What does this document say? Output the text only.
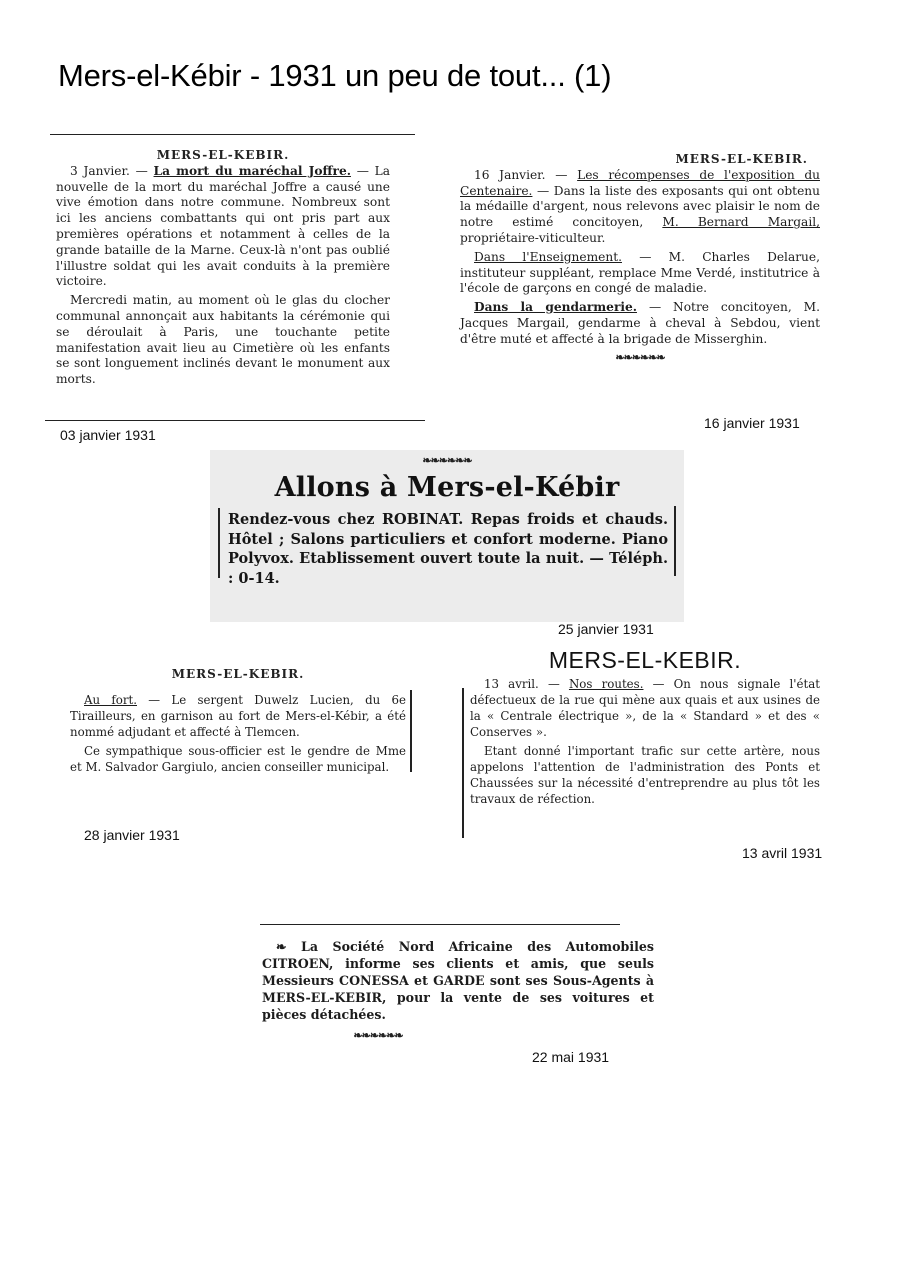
Mers-el-Kébir - 1931 un peu de tout... (1)
MERS-EL-KEBIR.

3 Janvier. — La mort du maréchal Joffre. — La nouvelle de la mort du maréchal Joffre a causé une vive émotion dans notre commune. Nombreux sont ici les anciens combattants qui ont pris part aux premières opérations et notamment à celles de la grande bataille de la Marne. Ceux-là n'ont pas oublié l'illustre soldat qui les avait conduits à la première victoire.

Mercredi matin, au moment où le glas du clocher communal annonçait aux habitants la cérémonie qui se déroulait à Paris, une touchante petite manifestation avait lieu au Cimetière où les enfants se sont longuement inclinés devant le monument aux morts.

03 janvier 1931
MERS-EL-KEBIR.

16 Janvier. — Les récompenses de l'exposition du Centenaire. — Dans la liste des exposants qui ont obtenu la médaille d'argent, nous relevons avec plaisir le nom de notre estimé concitoyen, M. Bernard Margail, propriétaire-viticulteur.

Dans l'Enseignement. — M. Charles Delarue, instituteur suppléant, remplace Mme Verdé, institutrice à l'école de garçons en congé de maladie.

Dans la gendarmerie. — Notre concitoyen, M. Jacques Margail, gendarme à cheval à Sebdou, vient d'être muté et affecté à la brigade de Misserghin.

❧❧❧❧❧❧
16 janvier 1931
❧❧❧❧❧❧
Allons à Mers-el-Kébir
Rendez-vous chez ROBINAT. Repas froids et chauds. Hôtel ; Salons particuliers et confort moderne. Piano Polyvox. Etablissement ouvert toute la nuit. — Téléph. : 0-14.
25 janvier 1931
MERS-EL-KEBIR.

Au fort. — Le sergent Duwelz Lucien, du 6e Tirailleurs, en garnison au fort de Mers-el-Kébir, a été nommé adjudant et affecté à Tlemcen.

Ce sympathique sous-officier est le gendre de Mme et M. Salvador Gargiulo, ancien conseiller municipal.

28 janvier 1931
MERS-EL-KEBIR.

13 avril. — Nos routes. — On nous signale l'état défectueux de la rue qui mène aux quais et aux usines de la « Centrale électrique », de la « Standard » et des « Conserves ».

Etant donné l'important trafic sur cette artère, nous appelons l'attention de l'administration des Ponts et Chaussées sur la nécessité d'entreprendre au plus tôt les travaux de réfection.

13 avril 1931

❧ La Société Nord Africaine des Automobiles CITROEN, informe ses clients et amis, que seuls Messieurs CONESSA et GARDE sont ses Sous-Agents à MERS-EL-KEBIR, pour la vente de ses voitures et pièces détachées.

❧❧❧❧❧❧
22 mai 1931
